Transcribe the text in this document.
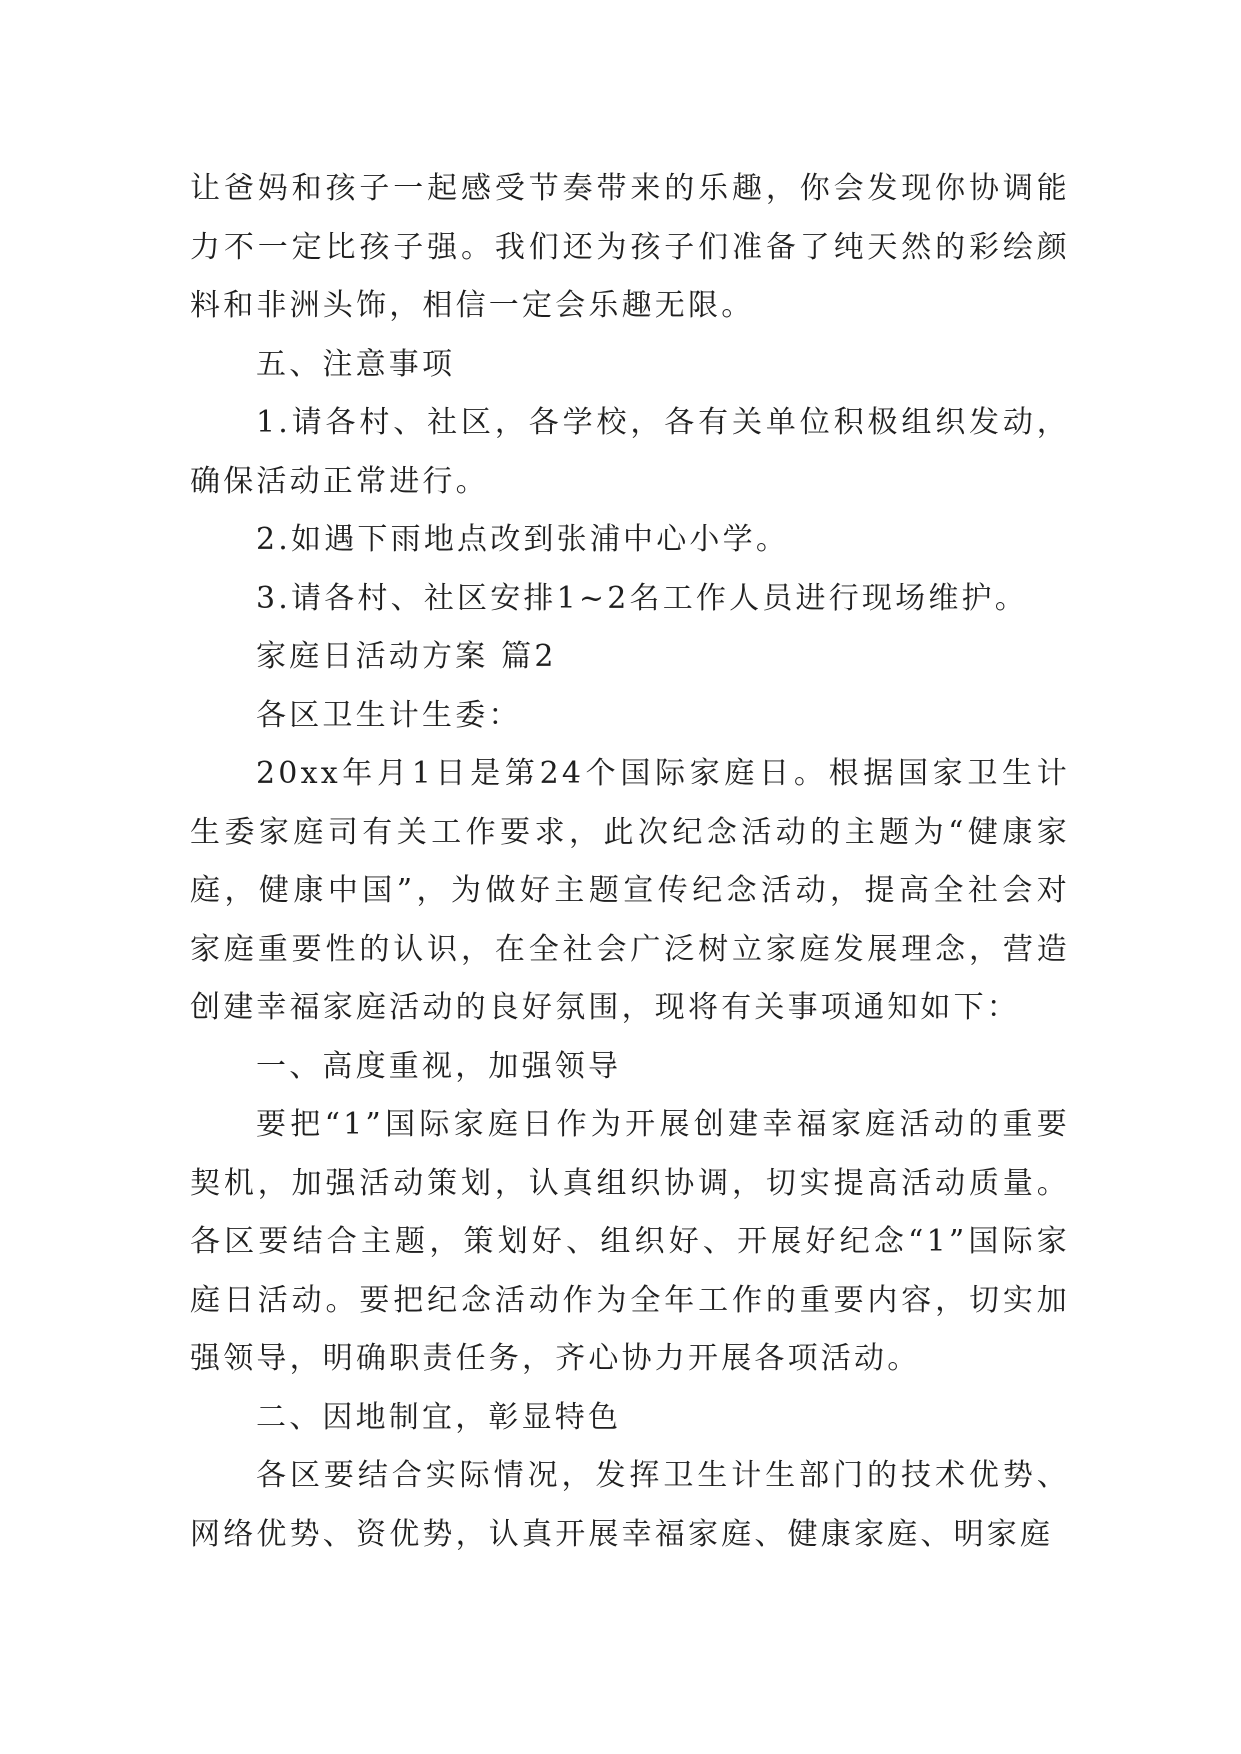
让爸妈和孩子一起感受节奏带来的乐趣，你会发现你协调能力不一定比孩子强。我们还为孩子们准备了纯天然的彩绘颜料和非洲头饰，相信一定会乐趣无限。

五、注意事项

1.请各村、社区，各学校，各有关单位积极组织发动，确保活动正常进行。

2.如遇下雨地点改到张浦中心小学。

3.请各村、社区安排1~2名工作人员进行现场维护。

家庭日活动方案 篇2

各区卫生计生委：

20xx年月1日是第24个国际家庭日。根据国家卫生计生委家庭司有关工作要求，此次纪念活动的主题为“健康家庭，健康中国”，为做好主题宣传纪念活动，提高全社会对家庭重要性的认识，在全社会广泛树立家庭发展理念，营造创建幸福家庭活动的良好氛围，现将有关事项通知如下：

一、高度重视，加强领导

要把“1”国际家庭日作为开展创建幸福家庭活动的重要契机，加强活动策划，认真组织协调，切实提高活动质量。各区要结合主题，策划好、组织好、开展好纪念“1”国际家庭日活动。要把纪念活动作为全年工作的重要内容，切实加强领导，明确职责任务，齐心协力开展各项活动。

二、因地制宜，彰显特色

各区要结合实际情况，发挥卫生计生部门的技术优势、网络优势、资优势，认真开展幸福家庭、健康家庭、明家庭
